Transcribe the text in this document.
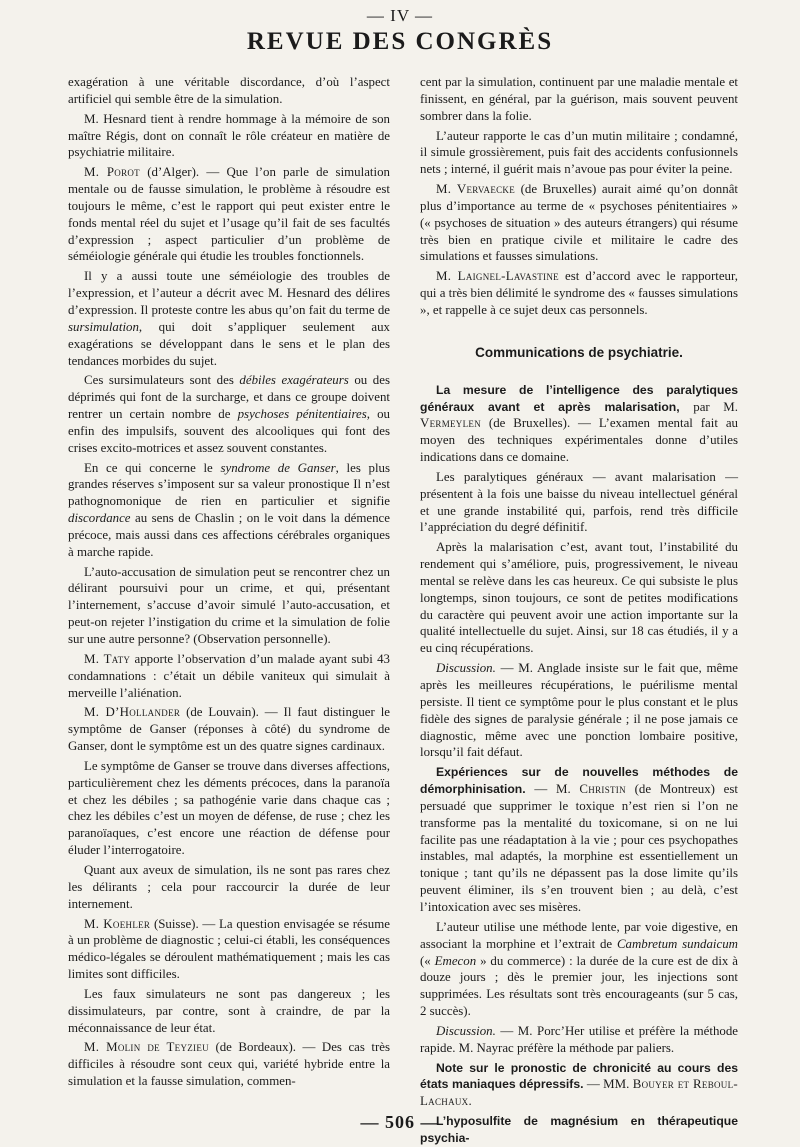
— IV —
REVUE DES CONGRÈS

exagération à une véritable discordance, d’où l’aspect artificiel qui semble être de la simulation.

M. Hesnard tient à rendre hommage à la mémoire de son maître Régis, dont on connaît le rôle créateur en matière de psychiatrie militaire.

M. Porot (d’Alger). — Que l’on parle de simulation mentale ou de fausse simulation, le problème à résoudre est toujours le même, c’est le rapport qui peut exister entre le fonds mental réel du sujet et l’usage qu’il fait de ses facultés d’expression ; aspect particulier d’un problème de séméiologie générale qui étudie les troubles fonctionnels.

Il y a aussi toute une séméiologie des troubles de l’expression, et l’auteur a décrit avec M. Hesnard des délires d’expression. Il proteste contre les abus qu’on fait du terme de sursimulation, qui doit s’appliquer seulement aux exagérations se développant dans le sens et le plan des tendances morbides du sujet.

Ces sursimulateurs sont des débiles exagérateurs ou des déprimés qui font de la surcharge, et dans ce groupe doivent rentrer un certain nombre de psychoses pénitentiaires, ou enfin des impulsifs, souvent des alcooliques qui font des crises excito-motrices et assez souvent constantes.

En ce qui concerne le syndrome de Ganser, les plus grandes réserves s’imposent sur sa valeur pronostique Il n’est pathognomonique de rien en particulier et signifie discordance au sens de Chaslin ; on le voit dans la démence précoce, mais aussi dans ces affections cérébrales organiques à marche rapide.

L’auto-accusation de simulation peut se rencontrer chez un délirant poursuivi pour un crime, et qui, présentant l’internement, s’accuse d’avoir simulé l’auto-accusation, et peut-on rejeter l’instigation du crime et la simulation de folie sur une autre personne? (Observation personnelle).

M. Taty apporte l’observation d’un malade ayant subi 43 condamnations : c’était un débile vaniteux qui simulait à merveille l’aliénation.

M. D’Hollander (de Louvain). — Il faut distinguer le symptôme de Ganser (réponses à côté) du syndrome de Ganser, dont le symptôme est un des quatre signes cardinaux.

Le symptôme de Ganser se trouve dans diverses affections, particulièrement chez les déments précoces, dans la paranoïa et chez les débiles ; sa pathogénie varie dans chaque cas ; chez les débiles c’est un moyen de défense, de ruse ; chez les paranoïaques, c’est encore une réaction de défense pour éluder l’interrogatoire.

Quant aux aveux de simulation, ils ne sont pas rares chez les délirants ; cela pour raccourcir la durée de leur internement.

M. Koehler (Suisse). — La question envisagée se résume à un problème de diagnostic ; celui-ci établi, les conséquences médico-légales se déroulent mathématiquement ; mais les cas limites sont difficiles.

Les faux simulateurs ne sont pas dangereux ; les dissimulateurs, par contre, sont à craindre, de par la méconnaissance de leur état.

M. Molin de Teyzieu (de Bordeaux). — Des cas très difficiles à résoudre sont ceux qui, variété hybride entre la simulation et la fausse simulation, commen-

cent par la simulation, continuent par une maladie mentale et finissent, en général, par la guérison, mais souvent peuvent sombrer dans la folie.

L’auteur rapporte le cas d’un mutin militaire ; condamné, il simule grossièrement, puis fait des accidents confusionnels nets ; interné, il guérit mais n’avoue pas pour éviter la peine.

M. Vervaecke (de Bruxelles) aurait aimé qu’on donnât plus d’importance au terme de « psychoses pénitentiaires » (« psychoses de situation » des auteurs étrangers) qui résume très bien en pratique civile et militaire le cadre des simulations et fausses simulations.

M. Laignel-Lavastine est d’accord avec le rapporteur, qui a très bien délimité le syndrome des « fausses simulations », et rappelle à ce sujet deux cas personnels.

Communications de psychiatrie.

La mesure de l’intelligence des paralytiques généraux avant et après malarisation, par M. Vermeylen (de Bruxelles). — L’examen mental fait au moyen des techniques expérimentales donne d’utiles indications dans ce domaine.

Les paralytiques généraux — avant malarisation — présentent à la fois une baisse du niveau intellectuel général et une grande instabilité qui, parfois, rend très difficile l’appréciation du degré définitif.

Après la malarisation c’est, avant tout, l’instabilité du rendement qui s’améliore, puis, progressivement, le niveau mental se relève dans les cas heureux. Ce qui subsiste le plus longtemps, sinon toujours, ce sont de petites modifications du caractère qui peuvent avoir une action importante sur la qualité intellectuelle du sujet. Ainsi, sur 18 cas étudiés, il y a eu cinq récupérations.

Discussion. — M. Anglade insiste sur le fait que, même après les meilleures récupérations, le puérilisme mental persiste. Il tient ce symptôme pour le plus constant et le plus fidèle des signes de paralysie générale ; il ne pose jamais ce diagnostic, même avec une ponction lombaire positive, lorsqu’il fait défaut.

Expériences sur de nouvelles méthodes de démorphinisation. — M. Christin (de Montreux) est persuadé que supprimer le toxique n’est rien si l’on ne transforme pas la mentalité du toxicomane, si on ne lui facilite pas une réadaptation à la vie ; pour ces psychopathes instables, mal adaptés, la morphine est essentiellement un tonique ; tant qu’ils ne dépassent pas la dose limite qu’ils peuvent éliminer, ils s’en trouvent bien ; au delà, c’est l’intoxication avec ses misères.

L’auteur utilise une méthode lente, par voie digestive, en associant la morphine et l’extrait de Cambretum sundaicum (« Emecon » du commerce) : la durée de la cure est de dix à douze jours ; dès le premier jour, les injections sont supprimées. Les résultats sont très encourageants (sur 5 cas, 2 succès).

Discussion. — M. Porc’Her utilise et préfère la méthode rapide. M. Nayrac préfère la méthode par paliers.

Note sur le pronostic de chronicité au cours des états maniaques dépressifs. — MM. Bouyer et Reboul-Lachaux.

L’hyposulfite de magnésium en thérapeutique psychia-

— 506 —
